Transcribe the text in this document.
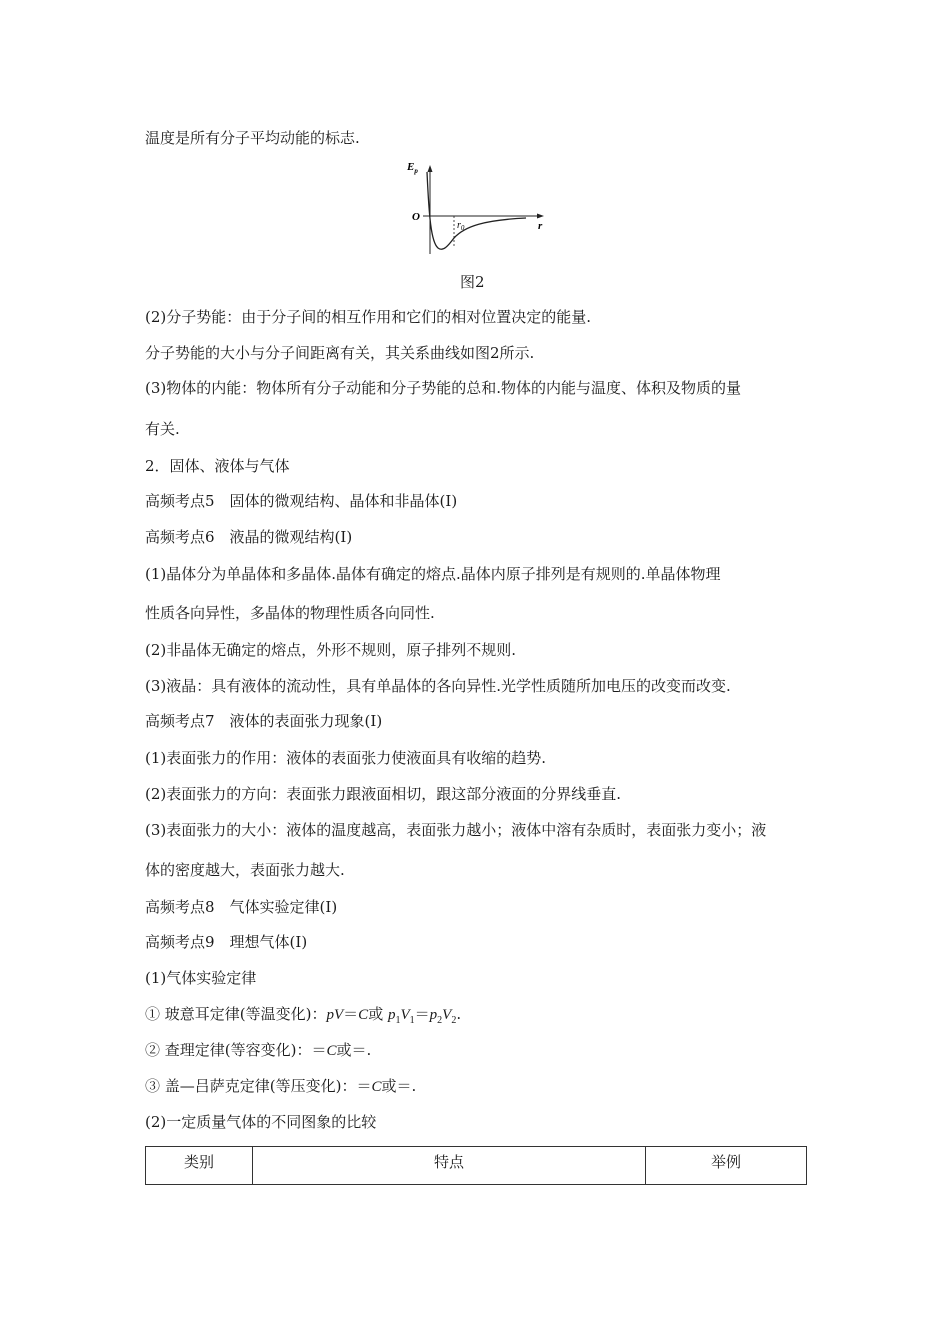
温度是所有分子平均动能的标志.
$E_p$
O
$r_0$	r
图2
(2)分子势能：由于分子间的相互作用和它们的相对位置决定的能量.
分子势能的大小与分子间距离有关，其关系曲线如图2所示.
(3)物体的内能：物体所有分子动能和分子势能的总和.物体的内能与温度、体积及物质的量
有关.
2．固体、液体与气体
高频考点5　固体的微观结构、晶体和非晶体(Ⅰ)
高频考点6　液晶的微观结构(Ⅰ)
(1)晶体分为单晶体和多晶体.晶体有确定的熔点.晶体内原子排列是有规则的.单晶体物理
性质各向异性，多晶体的物理性质各向同性.
(2)非晶体无确定的熔点，外形不规则，原子排列不规则.
(3)液晶：具有液体的流动性，具有单晶体的各向异性.光学性质随所加电压的改变而改变.
高频考点7　液体的表面张力现象(Ⅰ)
(1)表面张力的作用：液体的表面张力使液面具有收缩的趋势.
(2)表面张力的方向：表面张力跟液面相切，跟这部分液面的分界线垂直.
(3)表面张力的大小：液体的温度越高，表面张力越小；液体中溶有杂质时，表面张力变小；液
体的密度越大，表面张力越大.
高频考点8　气体实验定律(Ⅰ)
高频考点9　理想气体(Ⅰ)
(1)气体实验定律
① 玻意耳定律(等温变化)：pV＝C或 $p_1V_1=p_2V_2$.
② 查理定律(等容变化)：＝C或＝.
③ 盖—吕萨克定律(等压变化)：＝C或＝.
(2)一定质量气体的不同图象的比较
类别	特点	举例
